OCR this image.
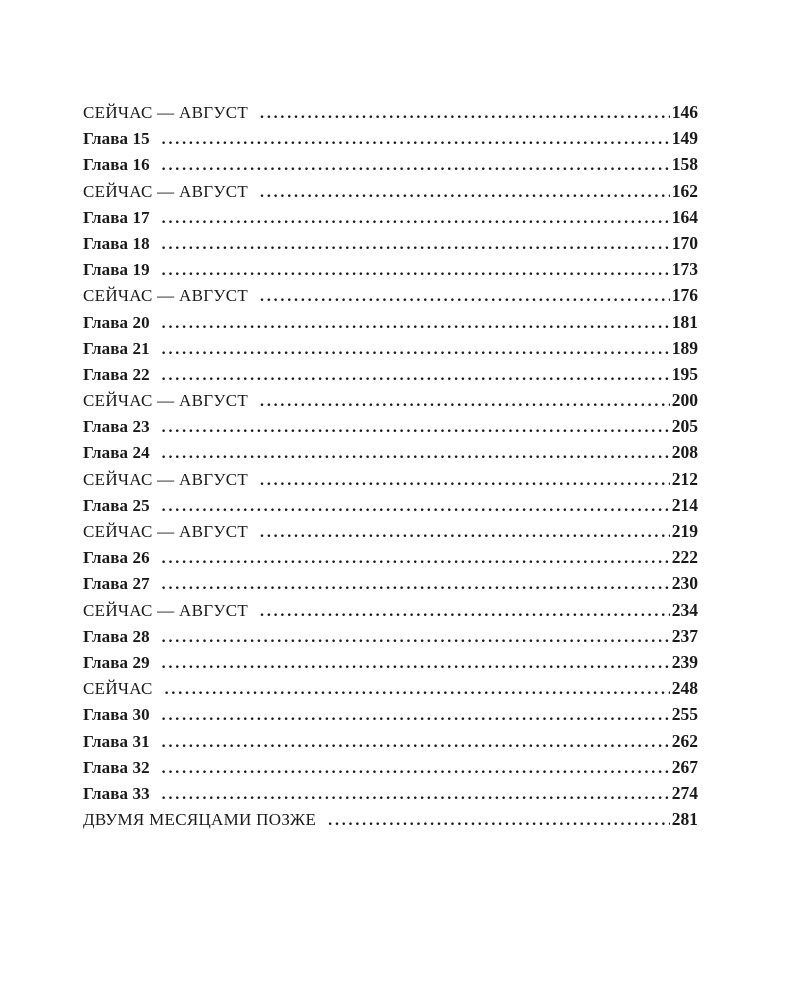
СЕЙЧАС — АВГУСТ . . .	146
Глава 15 . . .	149
Глава 16 . . .	158
СЕЙЧАС — АВГУСТ . . .	162
Глава 17 . . .	164
Глава 18 . . .	170
Глава 19 . . .	173
СЕЙЧАС — АВГУСТ . . .	176
Глава 20 . . .	181
Глава 21 . . .	189
Глава 22 . . .	195
СЕЙЧАС — АВГУСТ . . .	200
Глава 23 . . .	205
Глава 24 . . .	208
СЕЙЧАС — АВГУСТ . . .	212
Глава 25 . . .	214
СЕЙЧАС — АВГУСТ . . .	219
Глава 26 . . .	222
Глава 27 . . .	230
СЕЙЧАС — АВГУСТ . . .	234
Глава 28 . . .	237
Глава 29 . . .	239
СЕЙЧАС . . .	248
Глава 30 . . .	255
Глава 31 . . .	262
Глава 32 . . .	267
Глава 33 . . .	274
ДВУМЯ МЕСЯЦАМИ ПОЗЖЕ . . .	281
